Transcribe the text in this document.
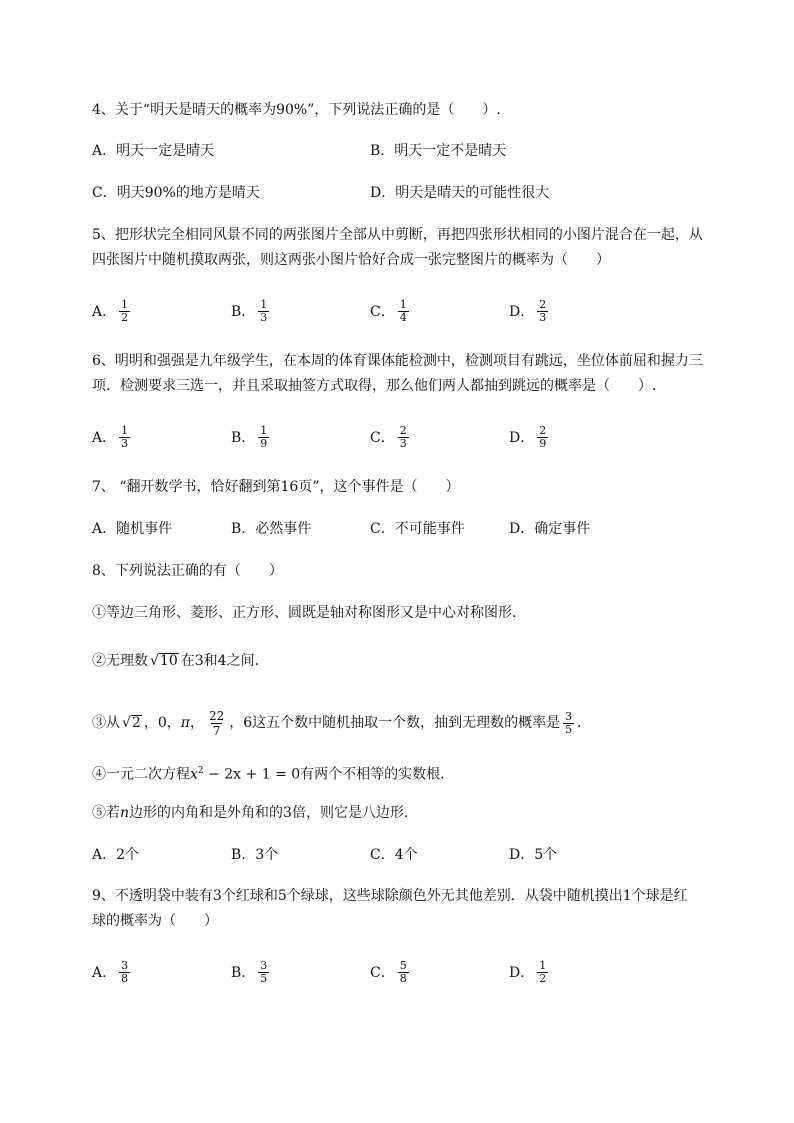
4、关于“明天是晴天的概率为90%”，下列说法正确的是（　　）.
A．明天一定是晴天	B．明天一定不是晴天
C．明天90%的地方是晴天	D．明天是晴天的可能性很大
5、把形状完全相同风景不同的两张图片全部从中剪断，再把四张形状相同的小图片混合在一起，从
四张图片中随机摸取两张，则这两张小图片恰好合成一张完整图片的概率为（　　）
A． $\frac{1}{2}$	B． $\frac{1}{3}$	C． $\frac{1}{4}$	D． $\frac{2}{3}$
6、明明和强强是九年级学生，在本周的体育课体能检测中，检测项目有跳远，坐位体前屈和握力三
项．检测要求三选一，并且采取抽签方式取得，那么他们两人都抽到跳远的概率是（　　）.
A． $\frac{1}{3}$	B． $\frac{1}{9}$	C． $\frac{2}{3}$	D． $\frac{2}{9}$
7、 “翻开数学书，恰好翻到第16页”，这个事件是（　　）
A．随机事件	B．必然事件	C．不可能事件	D．确定事件
8、下列说法正确的有（　　）
①等边三角形、菱形、正方形、圆既是轴对称图形又是中心对称图形．
②无理数 √ 10 在3和4之间．
③从 √ 2 ，0， π ， $\frac{22}{7}$ ，6这五个数中随机抽取一个数，抽到无理数的概率是 $\frac{3}{5}$ ．
④一元二次方程$x^2 - 2x + 1 = 0$有两个不相等的实数根．
⑤若n边形的内角和是外角和的3倍，则它是八边形．
A．2个	B．3个	C．4个	D．5个
9、不透明袋中装有3个红球和5个绿球，这些球除颜色外无其他差别．从袋中随机摸出1个球是红
球的概率为（　　）
A． $\frac{3}{8}$	B． $\frac{3}{5}$	C． $\frac{5}{8}$	D． $\frac{1}{2}$
